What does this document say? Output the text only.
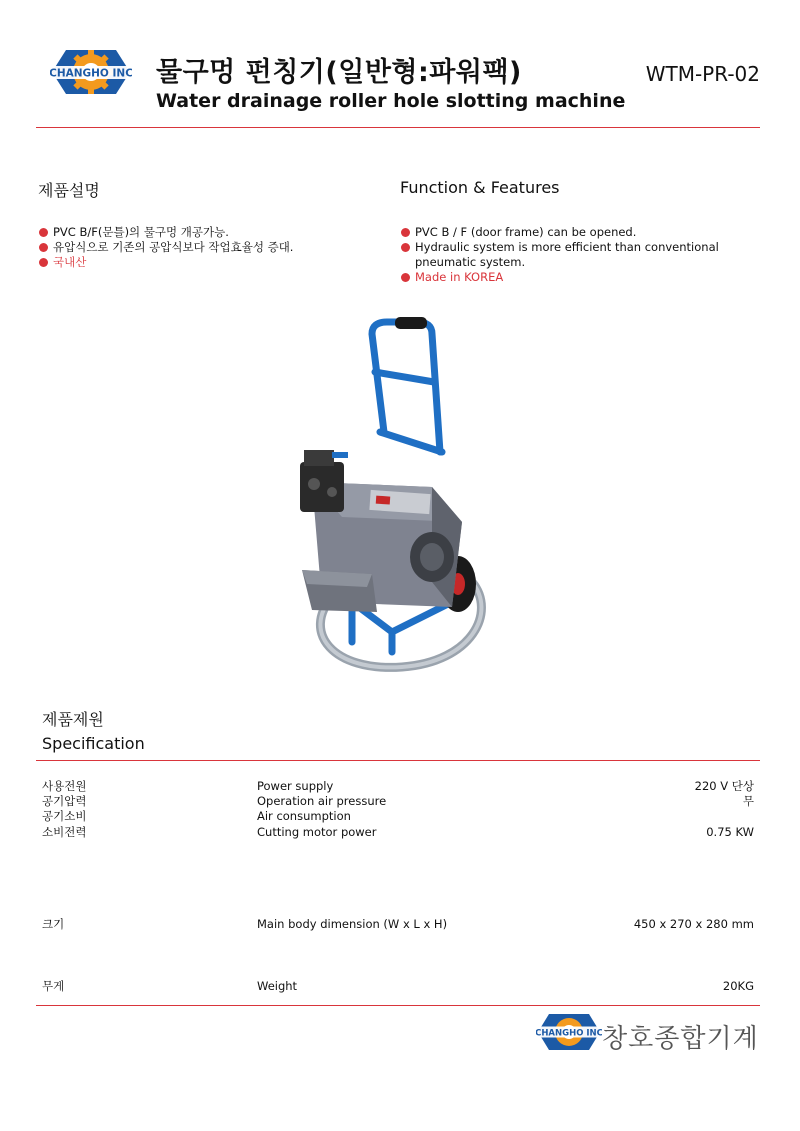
CHANGHO INC 물구멍 펀칭기(일반형:파워팩)
Water drainage roller hole slotting machine
WTM-PR-02
제품설명	Function & Features
PVC B/F(문틀)의 물구멍 개공가능.
유압식으로 기존의 공압식보다 작업효율성 증대.
국내산
PVC B / F (door frame) can be opened.
Hydraulic system is more efficient than conventional pneumatic system.
Made in KOREA
제품제원
Specification
사용전원	Power supply	220 V 단상
공기압력	Operation air pressure	무
공기소비	Air consumption
소비전력	Cutting motor power	0.75 KW
크기	Main body dimension (W x L x H)	450 x 270 x 280 mm
무게	Weight	20KG
CHANGHO INC 창호종합기계
